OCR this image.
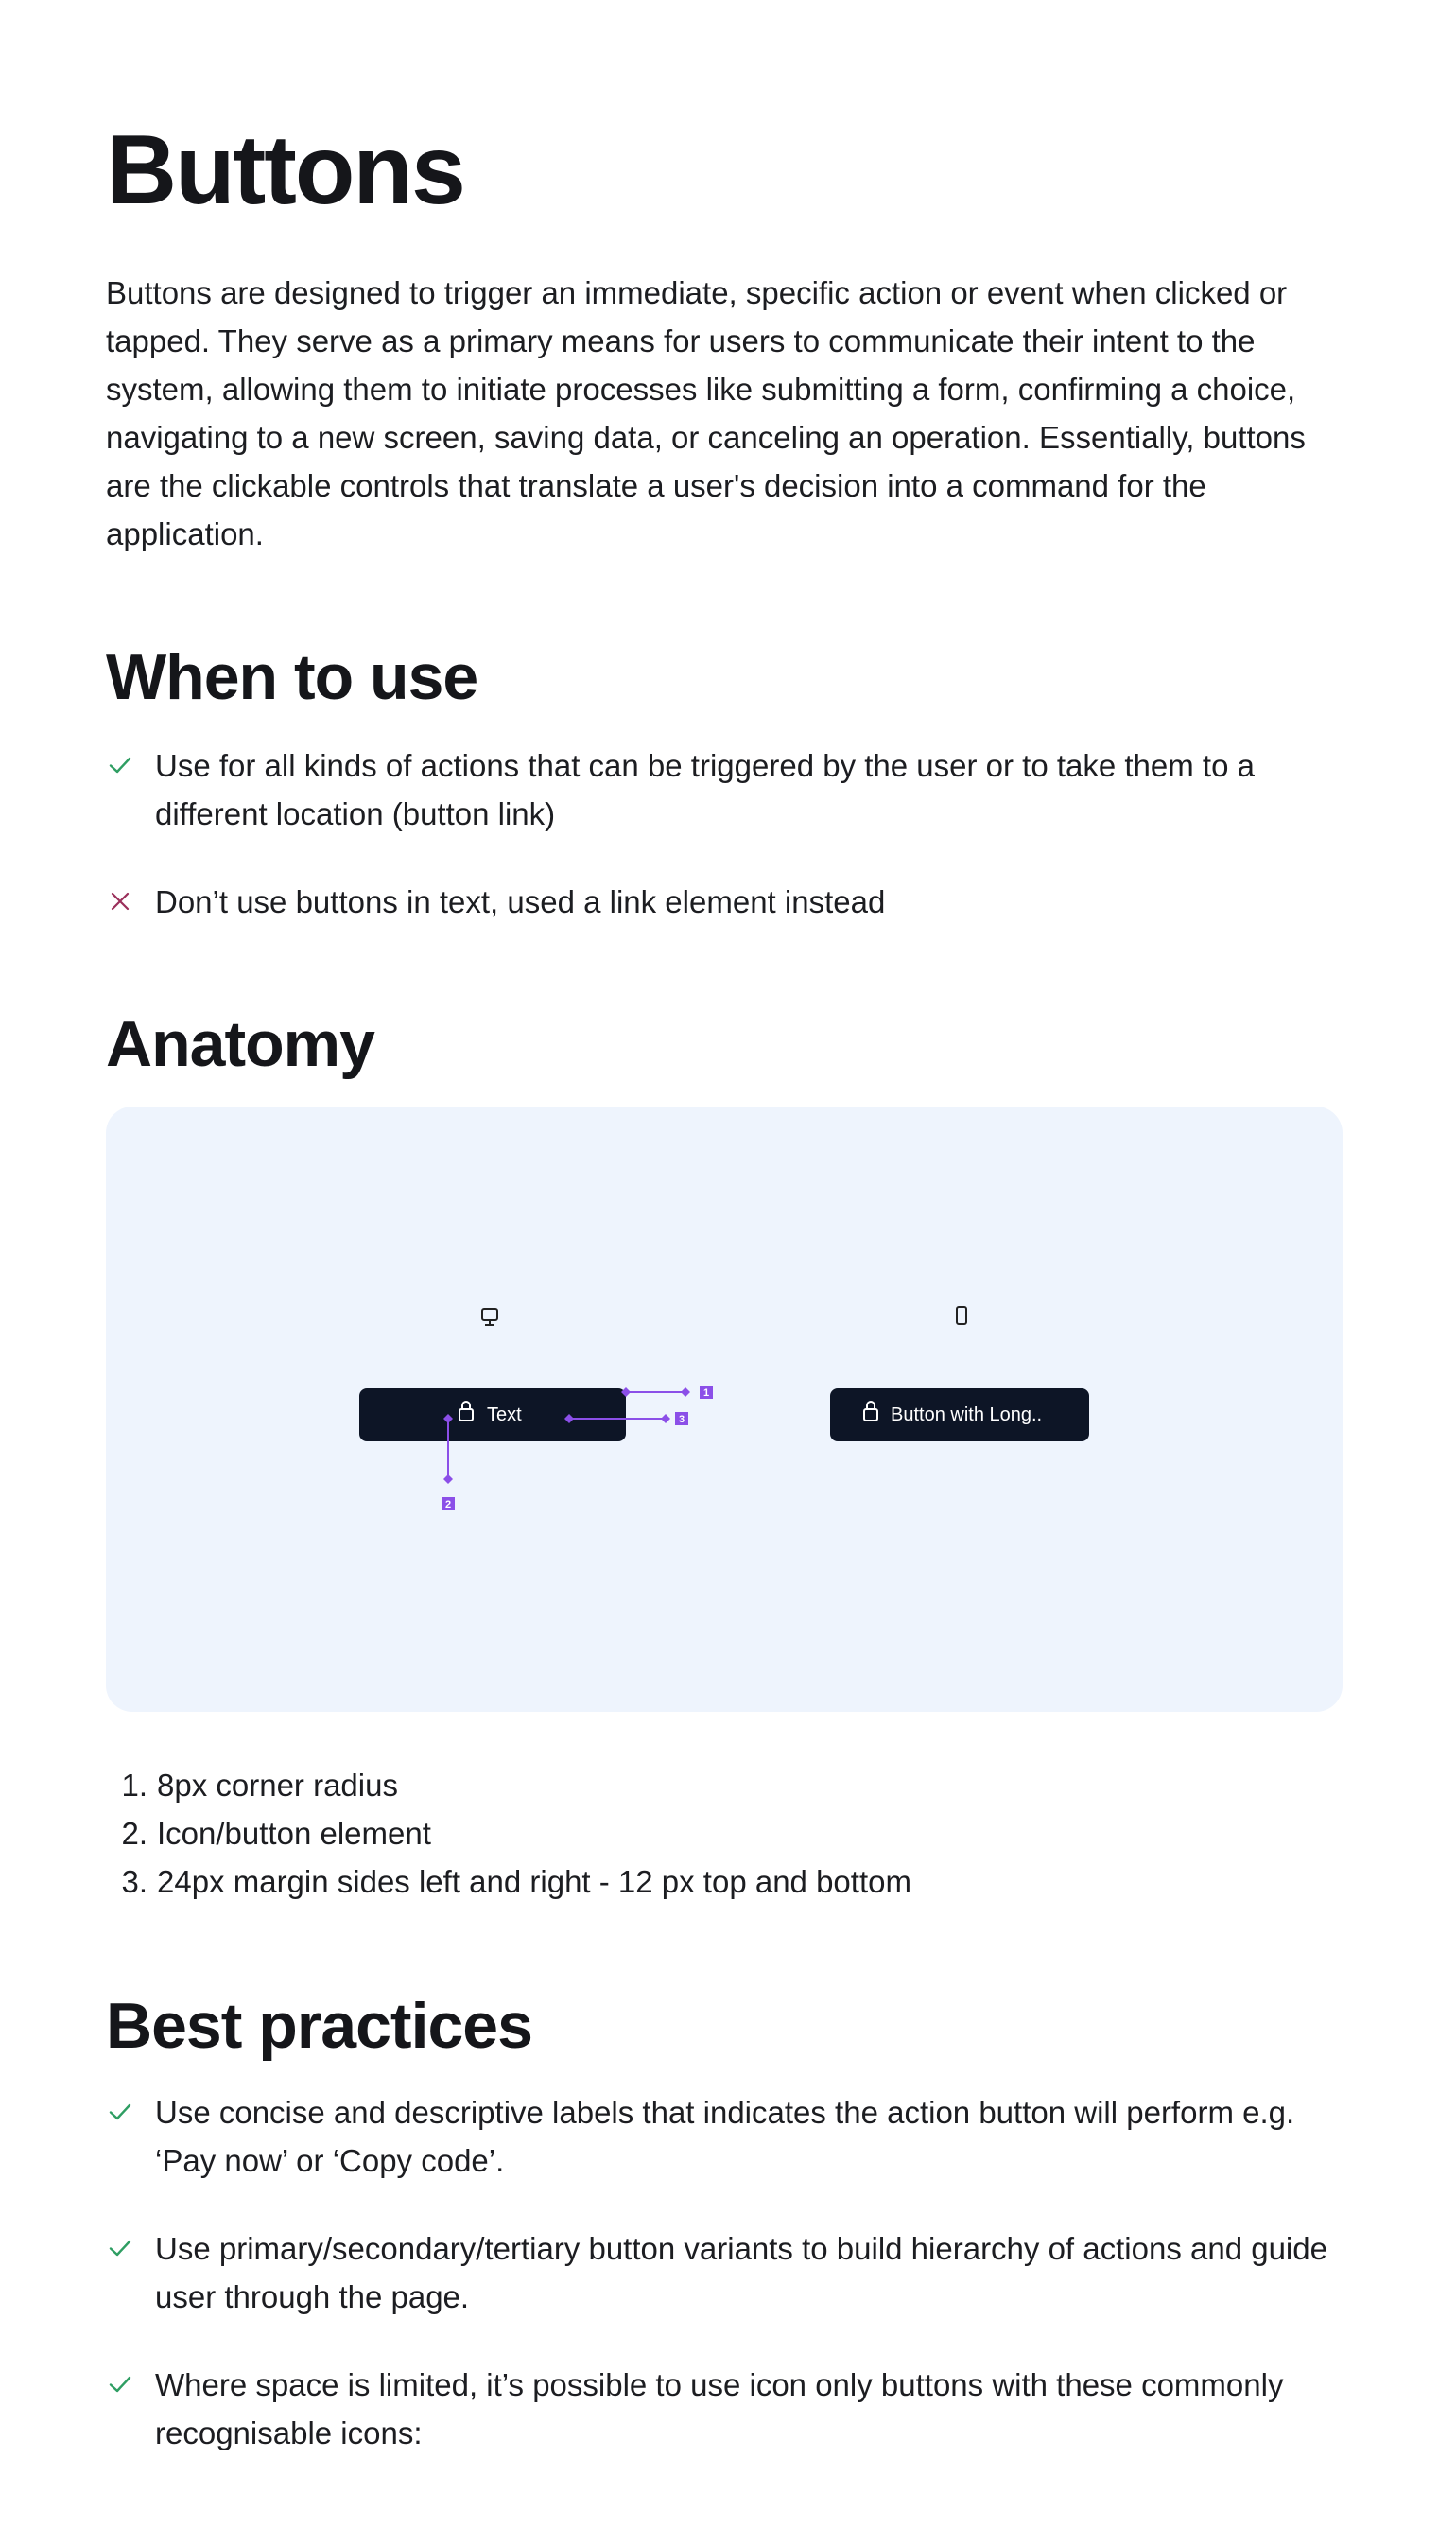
Buttons

Buttons are designed to trigger an immediate, specific action or event when clicked or tapped. They serve as a primary means for users to communicate their intent to the system, allowing them to initiate processes like submitting a form, confirming a choice, navigating to a new screen, saving data, or canceling an operation. Essentially, buttons are the clickable controls that translate a user's decision into a command for the application.

When to use
Use for all kinds of actions that can be triggered by the user or to take them to a different location (button link)
Don’t use buttons in text, used a link element instead
Anatomy
Text
1
3
2
Button with Long..
1. 8px corner radius
2. Icon/button element
3. 24px margin sides left and right - 12 px top and bottom
Best practices
Use concise and descriptive labels that indicates the action button will perform e.g. ‘Pay now’ or ‘Copy code’.
Use primary/secondary/tertiary button variants to build hierarchy of actions and guide user through the page.
Where space is limited, it’s possible to use icon only buttons with these commonly recognisable icons:
